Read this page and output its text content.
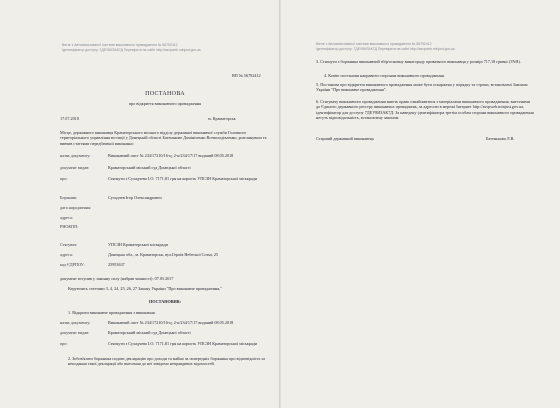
Витяг з Автоматизованої системи виконавчого провадження № 56792412
Ідентифікатор доступу: 7ДЕУ8ИЗАК7Д Перевірити на сайті http://asvpweb.minjust.gov.ua
ВП № 56792412
ПОСТАНОВА
про відкриття виконавчого провадження
17.07.2018	м. Краматорськ
Місце, державного виконавця Краматорського міського відділу державної виконавчої служби Головного територіального управління юстиції у Донецькій області Батенькове Домініченко Всеволодівленко, розглянувши та вивчив статтями передбаченої виконанні:
назва документу:	Виконавчий лист № 234/17210/16-ц; 2-к/234/17/17 виданий 08.05.2018
документ видав:	Краматорський міський суд Донецької області
про:	Стягнути з Сухадчева І.О. 7171,81 грн на користь УПСЗН Краматорської міськради
Боржник:	Сухадчев Ігор Олександрович
дата народження:
адреса:
РНОКПП:
Стягувач:	УПСЗН Краматорської міськради
адреса:	Донецька обл., м. Краматорськ, вул.Героїв Небесної Сотні, 25
код ЄДРПОУ:	25953637
документ вступив у законну силу (набрав чинності): 07.05.2017
Керуючись статтями 3, 4, 24, 25, 26, 27 Закону України "Про виконавче провадження,"
ПОСТАНОВИВ:
1. Відкрити виконавче провадження з виконання
назва документу:	Виконавчий лист № 234/17210/16-ц; 2-к/234/17/17 виданий 08.05.2018
документ видав:	Краматорський міський суд Донецької області
про:	Стягнути з Сухадчева І.О. 7171,81 грн на користь УПСЗН Краматорської міськради
2. Зобов'язати боржника подати декларацію про доходи та майно за попередніх боржника про відповідність за неподання такої декларації або внесення до неї завідомо неправдивих відомостей.
Витяг з Автоматизованої системи виконавчого провадження № 56792412
Ідентифікатор доступу: 7ДЕУ8ИЗАК7Д Перевірити на сайті http://asvpweb.minjust.gov.ua
3. Стягнути з боржника виконавчий збір/основну винагороду приватного виконавця у розмірі 717,18 гривні (УАН).
4. Копію постанови направити сторонам виконавчого провадження.
5. Постанова про відкриття виконавчого провадження може бути оскаржена у порядку та строки, встановлені Законом України "Про виконавче провадження".
6. Стягувачу виконавчого провадження мають право ознайомитися з матеріалами виконавчого провадження, внесеними до Єдиного державного реєстру виконавчих проваджень, за адресою в мережі Інтернет http://asvpweb.minjust.gov.ua, ідентифікатор для доступу 7ДЕУ8ИЗАК7Д. За наведену ідентифікатора третім особам сторони виконавчого провадження несуть відповідальність, встановлену законом.
Старший державний виконавець	Батенькова Л.В.
